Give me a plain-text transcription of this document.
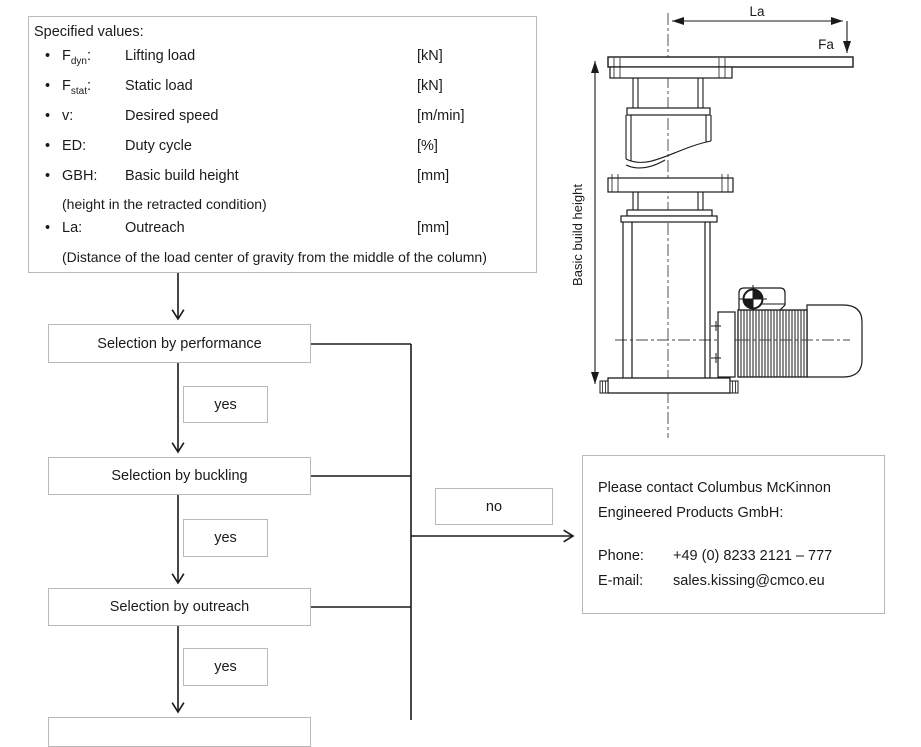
Specified values:
• $F_{dyn}$:	Lifting load	[kN]
• $F_{stat}$:	Static load	[kN]
• v:	Desired speed	[m/min]
• ED:	Duty cycle	[%]
• GBH:	Basic build height	[mm]
(height in the retracted condition)
• La:	Outreach	[mm]
(Distance of the load center of gravity from the middle of the column)
Selection by performance
yes
Selection by buckling
yes
Selection by outreach
yes
no
Please contact Columbus McKinnon
Engineered Products GmbH:
Phone:	+49 (0) 8233 2121 – 777
E-mail:	sales.kissing@cmco.eu
La
Fa
Basic build height
